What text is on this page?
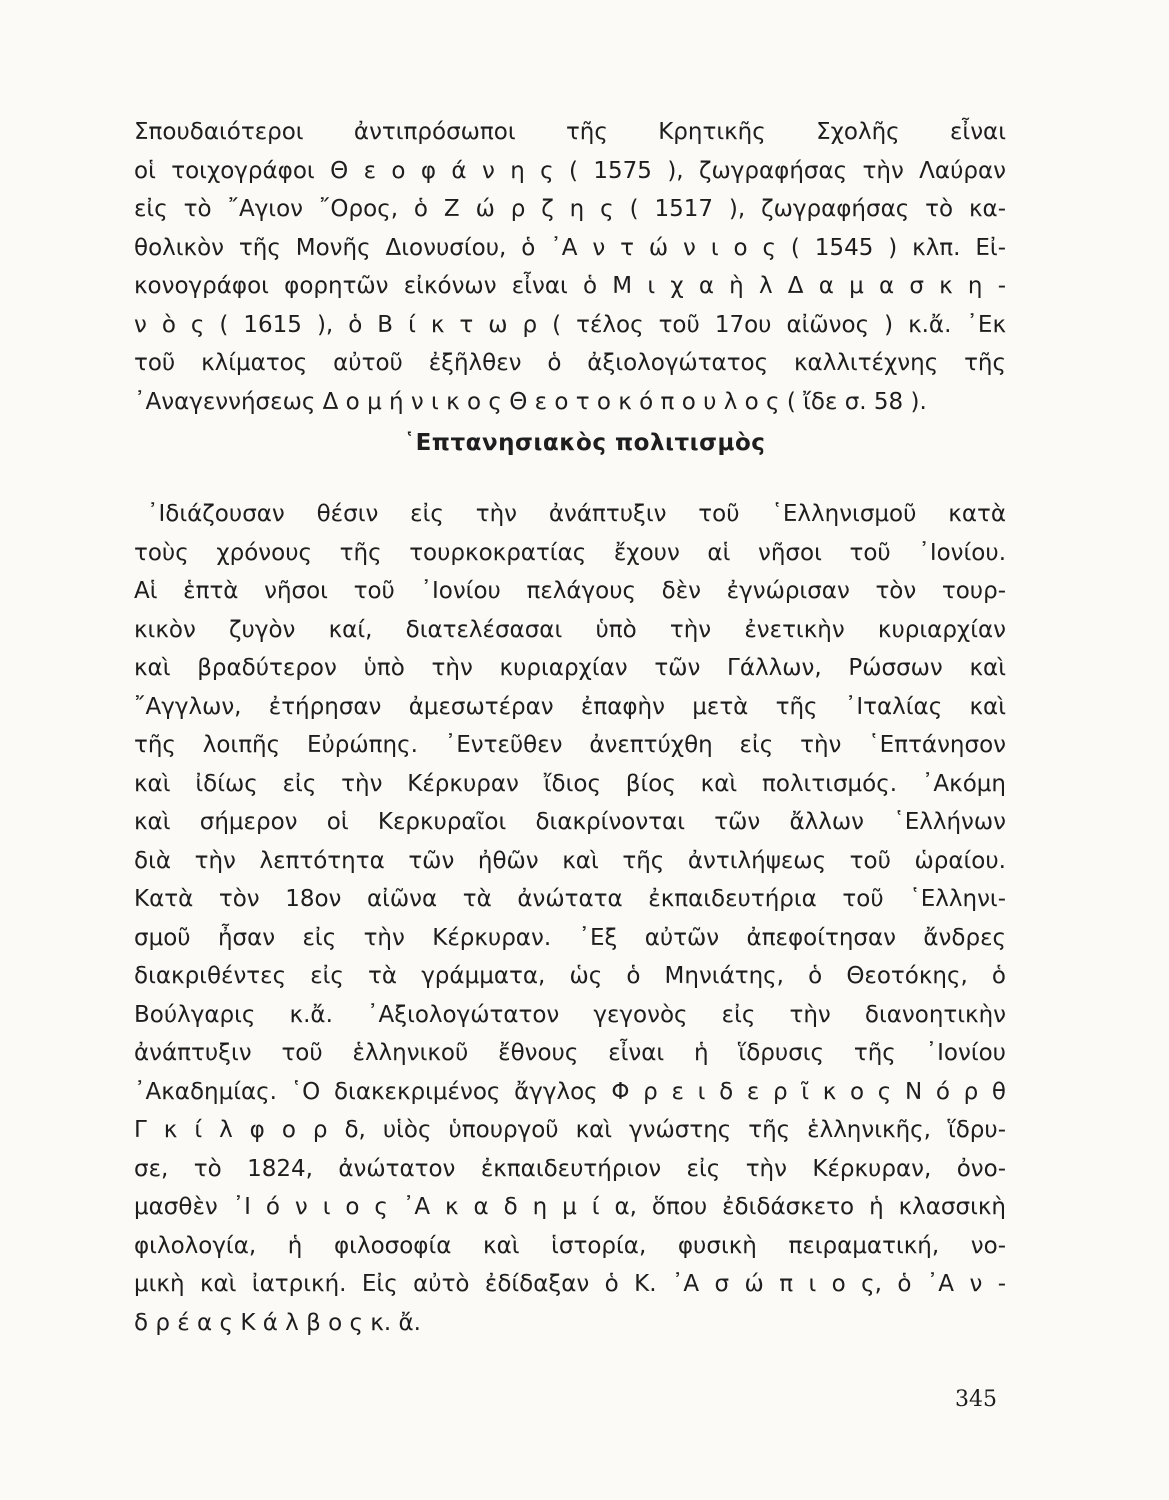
Σπουδαιότεροι ἀντιπρόσωποι τῆς Κρητικῆς Σχολῆς εἶναι
οἱ τοιχογράφοι Θ ε ο φ ά ν η ς ( 1575 ), ζωγραφήσας τὴν Λαύραν
εἰς τὸ ῎Αγιον ῎Ορος, ὁ Ζ ώ ρ ζ η ς ( 1517 ), ζωγραφήσας τὸ κα-
θολικὸν τῆς Μονῆς Διονυσίου, ὁ ᾿Α ν τ ώ ν ι ο ς ( 1545 ) κλπ. Εἰ-
κονογράφοι φορητῶν εἰκόνων εἶναι ὁ Μ ι χ α ὴ λ Δ α μ α σ κ η -
ν ὸ ς ( 1615 ), ὁ Β ί κ τ ω ρ ( τέλος τοῦ 17ου αἰῶνος ) κ.ἄ. ᾿Εκ
τοῦ κλίματος αὐτοῦ ἐξῆλθεν ὁ ἀξιολογώτατος καλλιτέχνης τῆς
᾿Αναγεννήσεως Δ ο μ ή ν ι κ ο ς Θ ε ο τ ο κ ό π ο υ λ ο ς ( ἴδε σ. 58 ).
῾Επτανησιακὸς πολιτισμὸς
᾿Ιδιάζουσαν θέσιν εἰς τὴν ἀνάπτυξιν τοῦ ῾Ελληνισμοῦ κατὰ
τοὺς χρόνους τῆς τουρκοκρατίας ἔχουν αἱ νῆσοι τοῦ ᾿Ιονίου.
Αἱ ἑπτὰ νῆσοι τοῦ ᾿Ιονίου πελάγους δὲν ἐγνώρισαν τὸν τουρ-
κικὸν ζυγὸν καί, διατελέσασαι ὑπὸ τὴν ἐνετικὴν κυριαρχίαν
καὶ βραδύτερον ὑπὸ τὴν κυριαρχίαν τῶν Γάλλων, Ρώσσων καὶ
῎Αγγλων, ἐτήρησαν ἀμεσωτέραν ἐπαφὴν μετὰ τῆς ᾿Ιταλίας καὶ
τῆς λοιπῆς Εὐρώπης. ᾿Εντεῦθεν ἀνεπτύχθη εἰς τὴν ῾Επτάνησον
καὶ ἰδίως εἰς τὴν Κέρκυραν ἴδιος βίος καὶ πολιτισμός. ᾿Ακόμη
καὶ σήμερον οἱ Κερκυραῖοι διακρίνονται τῶν ἄλλων ῾Ελλήνων
διὰ τὴν λεπτότητα τῶν ἠθῶν καὶ τῆς ἀντιλήψεως τοῦ ὡραίου.
Κατὰ τὸν 18ον αἰῶνα τὰ ἀνώτατα ἐκπαιδευτήρια τοῦ ῾Ελληνι-
σμοῦ ἦσαν εἰς τὴν Κέρκυραν. ᾿Εξ αὐτῶν ἀπεφοίτησαν ἄνδρες
διακριθέντες εἰς τὰ γράμματα, ὡς ὁ Μηνιάτης, ὁ Θεοτόκης, ὁ
Βούλγαρις κ.ἄ. ᾿Αξιολογώτατον γεγονὸς εἰς τὴν διανοητικὴν
ἀνάπτυξιν τοῦ ἑλληνικοῦ ἔθνους εἶναι ἡ ἵδρυσις τῆς ᾿Ιονίου
᾿Ακαδημίας. ῾Ο διακεκριμένος ἄγγλος Φ ρ ε ι δ ε ρ ῖ κ ο ς Ν ό ρ θ
Γ κ ί λ φ ο ρ δ, υἱὸς ὑπουργοῦ καὶ γνώστης τῆς ἑλληνικῆς, ἵδρυ-
σε, τὸ 1824, ἀνώτατον ἐκπαιδευτήριον εἰς τὴν Κέρκυραν, ὀνο-
μασθὲν ᾿Ι ό ν ι ο ς ᾿Α κ α δ η μ ί α, ὅπου ἐδιδάσκετο ἡ κλασσικὴ
φιλολογία, ἡ φιλοσοφία καὶ ἱστορία, φυσικὴ πειραματική, νο-
μικὴ καὶ ἰατρική. Εἰς αὐτὸ ἐδίδαξαν ὁ Κ. ᾿Α σ ώ π ι ο ς, ὁ ᾿Α ν -
δ ρ έ α ς Κ ά λ β ο ς κ. ἄ.
345
